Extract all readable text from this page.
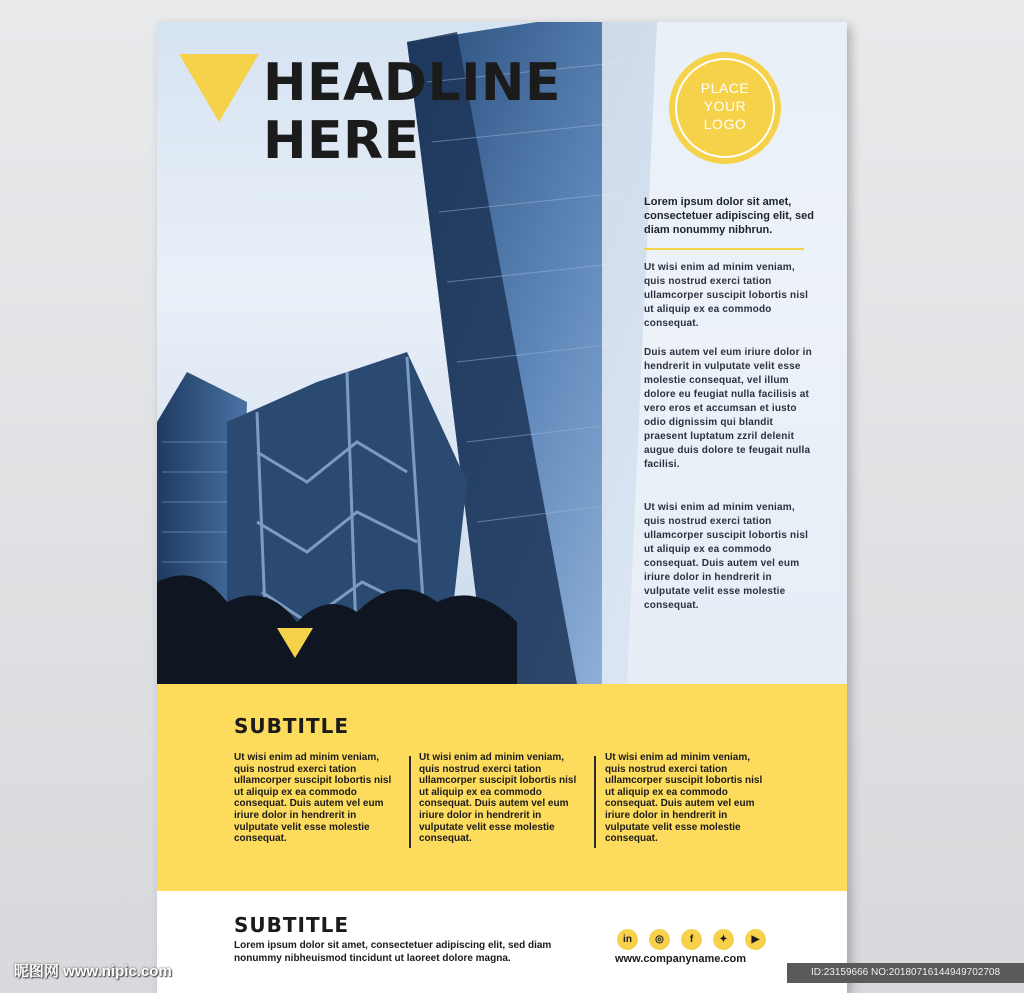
HEADLINE
HERE
PLACE
YOUR
LOGO

Lorem ipsum dolor sit amet, consectetuer adipiscing elit, sed diam nonummy nibhrun.

Ut wisi enim ad minim veniam, quis nostrud exerci tation ullamcorper suscipit lobortis nisl ut aliquip ex ea commodo consequat.

Duis autem vel eum iriure dolor in hendrerit in vulputate velit esse molestie consequat, vel illum dolore eu feugiat nulla facilisis at vero eros et accumsan et iusto odio dignissim qui blandit praesent luptatum zzril delenit augue duis dolore te feugait nulla facilisi.

Ut wisi enim ad minim veniam, quis nostrud exerci tation ullamcorper suscipit lobortis nisl ut aliquip ex ea commodo consequat. Duis autem vel eum iriure dolor in hendrerit in vulputate velit esse molestie consequat.

SUBTITLE

Ut wisi enim ad minim veniam, quis nostrud exerci tation ullamcorper suscipit lobortis nisl ut aliquip ex ea commodo consequat. Duis autem vel eum iriure dolor in hendrerit in vulputate velit esse molestie consequat.

Ut wisi enim ad minim veniam, quis nostrud exerci tation ullamcorper suscipit lobortis nisl ut aliquip ex ea commodo consequat. Duis autem vel eum iriure dolor in hendrerit in vulputate velit esse molestie consequat.

Ut wisi enim ad minim veniam, quis nostrud exerci tation ullamcorper suscipit lobortis nisl ut aliquip ex ea commodo consequat. Duis autem vel eum iriure dolor in hendrerit in vulputate velit esse molestie consequat.

SUBTITLE

Lorem ipsum dolor sit amet, consectetuer adipiscing elit, sed diam nonummy nibheuismod tincidunt ut laoreet dolore magna.

in	◎	f	✦	▶

www.companyname.com

昵图网 www.nipic.com	ID:23159666 NO:20180716144949702708
